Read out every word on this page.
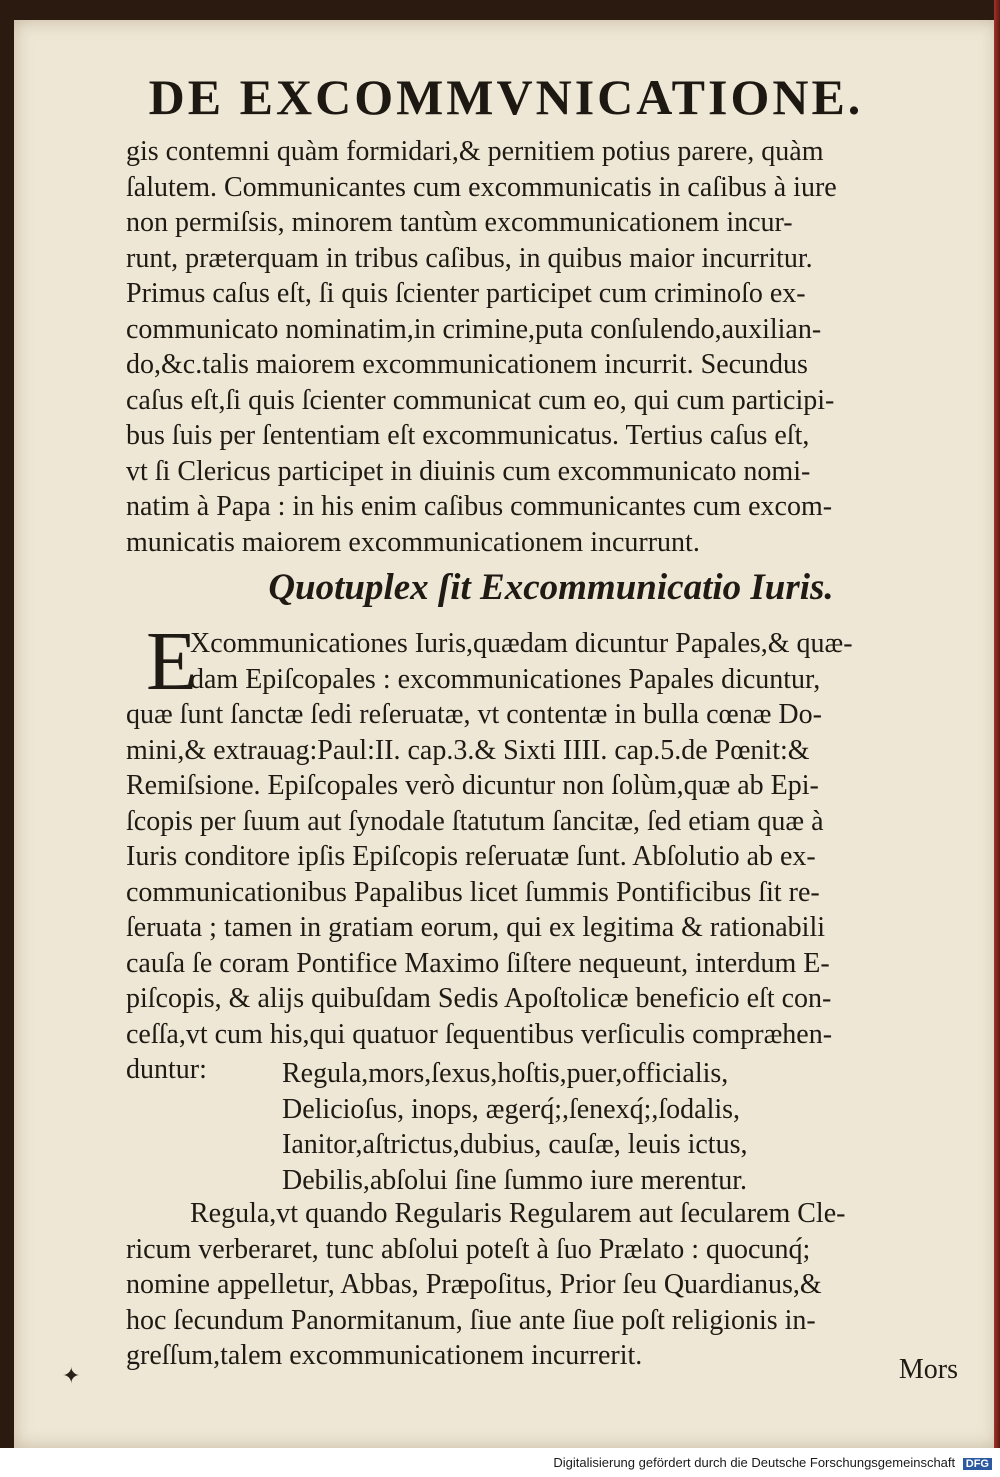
DE EXCOMMVNICATIONE.
gis contemni quàm formidari,& pernitiem potius parere, quàm
ſalutem. Communicantes cum excommunicatis in caſibus à iure
non permiſsis, minorem tantùm excommunicationem incur-
runt, præterquam in tribus caſibus, in quibus maior incurritur.
Primus caſus eſt, ſi quis ſcienter participet cum criminoſo ex-
communicato nominatim,in crimine,puta conſulendo,auxilian-
do,&c.talis maiorem excommunicationem incurrit. Secundus
caſus eſt,ſi quis ſcienter communicat cum eo, qui cum participi-
bus ſuis per ſententiam eſt excommunicatus. Tertius caſus eſt,
vt ſi Clericus participet in diuinis cum excommunicato nomi-
natim à Papa : in his enim caſibus communicantes cum excom-
municatis maiorem excommunicationem incurrunt.
Quotuplex ſit Excommunicatio Iuris.
E
Xcommunicationes Iuris,quædam dicuntur Papales,& quæ-
dam Epiſcopales : excommunicationes Papales dicuntur,
quæ ſunt ſanctæ ſedi reſeruatæ, vt contentæ in bulla cœnæ Do-
mini,& extrauag:Paul:II. cap.3.& Sixti IIII. cap.5.de Pœnit:&
Remiſsione. Epiſcopales verò dicuntur non ſolùm,quæ ab Epi-
ſcopis per ſuum aut ſynodale ſtatutum ſancitæ, ſed etiam quæ à
Iuris conditore ipſis Epiſcopis reſeruatæ ſunt. Abſolutio ab ex-
communicationibus Papalibus licet ſummis Pontificibus ſit re-
ſeruata ; tamen in gratiam eorum, qui ex legitima & rationabili
cauſa ſe coram Pontifice Maximo ſiſtere nequeunt, interdum E-
piſcopis, & alijs quibuſdam Sedis Apoſtolicæ beneficio eſt con-
ceſſa,vt cum his,qui quatuor ſequentibus verſiculis compræhen-
duntur:	Regula,mors,ſexus,hoſtis,puer,officialis,
Delicioſus, inops, ægerq́;,ſenexq́;,ſodalis,
Ianitor,aſtrictus,dubius, cauſæ, leuis ictus,
Debilis,abſolui ſine ſummo iure merentur.
Regula,vt quando Regularis Regularem aut ſecularem Cle-
ricum verberaret, tunc abſolui poteſt à ſuo Prælato : quocunq́;
nomine appelletur, Abbas, Præpoſitus, Prior ſeu Quardianus,&
hoc ſecundum Panormitanum, ſiue ante ſiue poſt religionis in-
greſſum,talem excommunicationem incurrerit.	Mors
✦
Digitalisierung gefördert durch die Deutsche Forschungsgemeinschaft DFG
